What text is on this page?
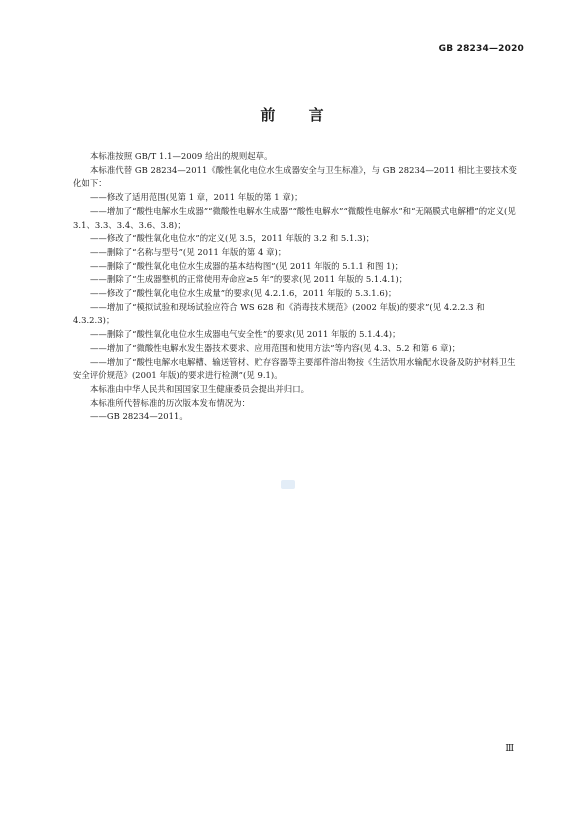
GB 28234—2020
前 言

本标准按照 GB/T 1.1—2009 给出的规则起草。

本标准代替 GB 28234—2011《酸性氧化电位水生成器安全与卫生标准》，与 GB 28234—2011 相比主要技术变化如下：

——修改了适用范围(见第 1 章，2011 年版的第 1 章)；

——增加了“酸性电解水生成器”“微酸性电解水生成器”“酸性电解水”“微酸性电解水”和“无隔膜式电解槽”的定义(见 3.1、3.3、3.4、3.6、3.8)；

——修改了“酸性氧化电位水”的定义(见 3.5，2011 年版的 3.2 和 5.1.3)；

——删除了“名称与型号”(见 2011 年版的第 4 章)；

——删除了“酸性氧化电位水生成器的基本结构图”(见 2011 年版的 5.1.1 和图 1)；

——删除了“生成器整机的正常使用寿命应≥5 年”的要求(见 2011 年版的 5.1.4.1)；

——修改了“酸性氧化电位水生成量”的要求(见 4.2.1.6，2011 年版的 5.3.1.6)；

——增加了“模拟试验和现场试验应符合 WS 628 和《消毒技术规范》(2002 年版)的要求”(见 4.2.2.3 和 4.3.2.3)；

——删除了“酸性氧化电位水生成器电气安全性”的要求(见 2011 年版的 5.1.4.4)；

——增加了“微酸性电解水发生器技术要求、应用范围和使用方法”等内容(见 4.3、5.2 和第 6 章)；

——增加了“酸性电解水电解槽、输送管材、贮存容器等主要部件溶出物按《生活饮用水输配水设备及防护材料卫生安全评价规范》(2001 年版)的要求进行检测”(见 9.1)。

本标准由中华人民共和国国家卫生健康委员会提出并归口。

本标准所代替标准的历次版本发布情况为：

——GB 28234—2011。

Ⅲ
